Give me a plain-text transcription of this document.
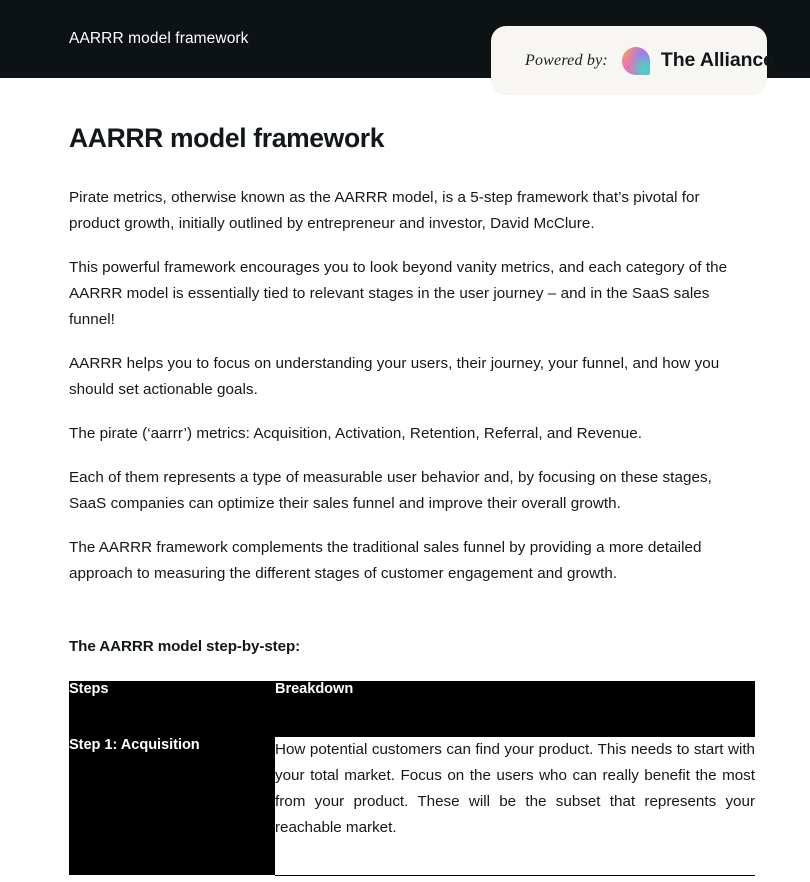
AARRR model framework
Powered by:	The Alliance
AARRR model framework

Pirate metrics, otherwise known as the AARRR model, is a 5-step framework that’s pivotal for product growth, initially outlined by entrepreneur and investor, David McClure.

This powerful framework encourages you to look beyond vanity metrics, and each category of the AARRR model is essentially tied to relevant stages in the user journey – and in the SaaS sales funnel!

AARRR helps you to focus on understanding your users, their journey, your funnel, and how you should set actionable goals.

The pirate (‘aarrr’) metrics: Acquisition, Activation, Retention, Referral, and Revenue.

Each of them represents a type of measurable user behavior and, by focusing on these stages, SaaS companies can optimize their sales funnel and improve their overall growth.

The AARRR framework complements the traditional sales funnel by providing a more detailed approach to measuring the different stages of customer engagement and growth.

The AARRR model step-by-step:

Steps	Breakdown
Step 1: Acquisition	How potential customers can find your product. This needs to start with your total market. Focus on the users who can really benefit the most from your product. These will be the subset that represents your reachable market.
